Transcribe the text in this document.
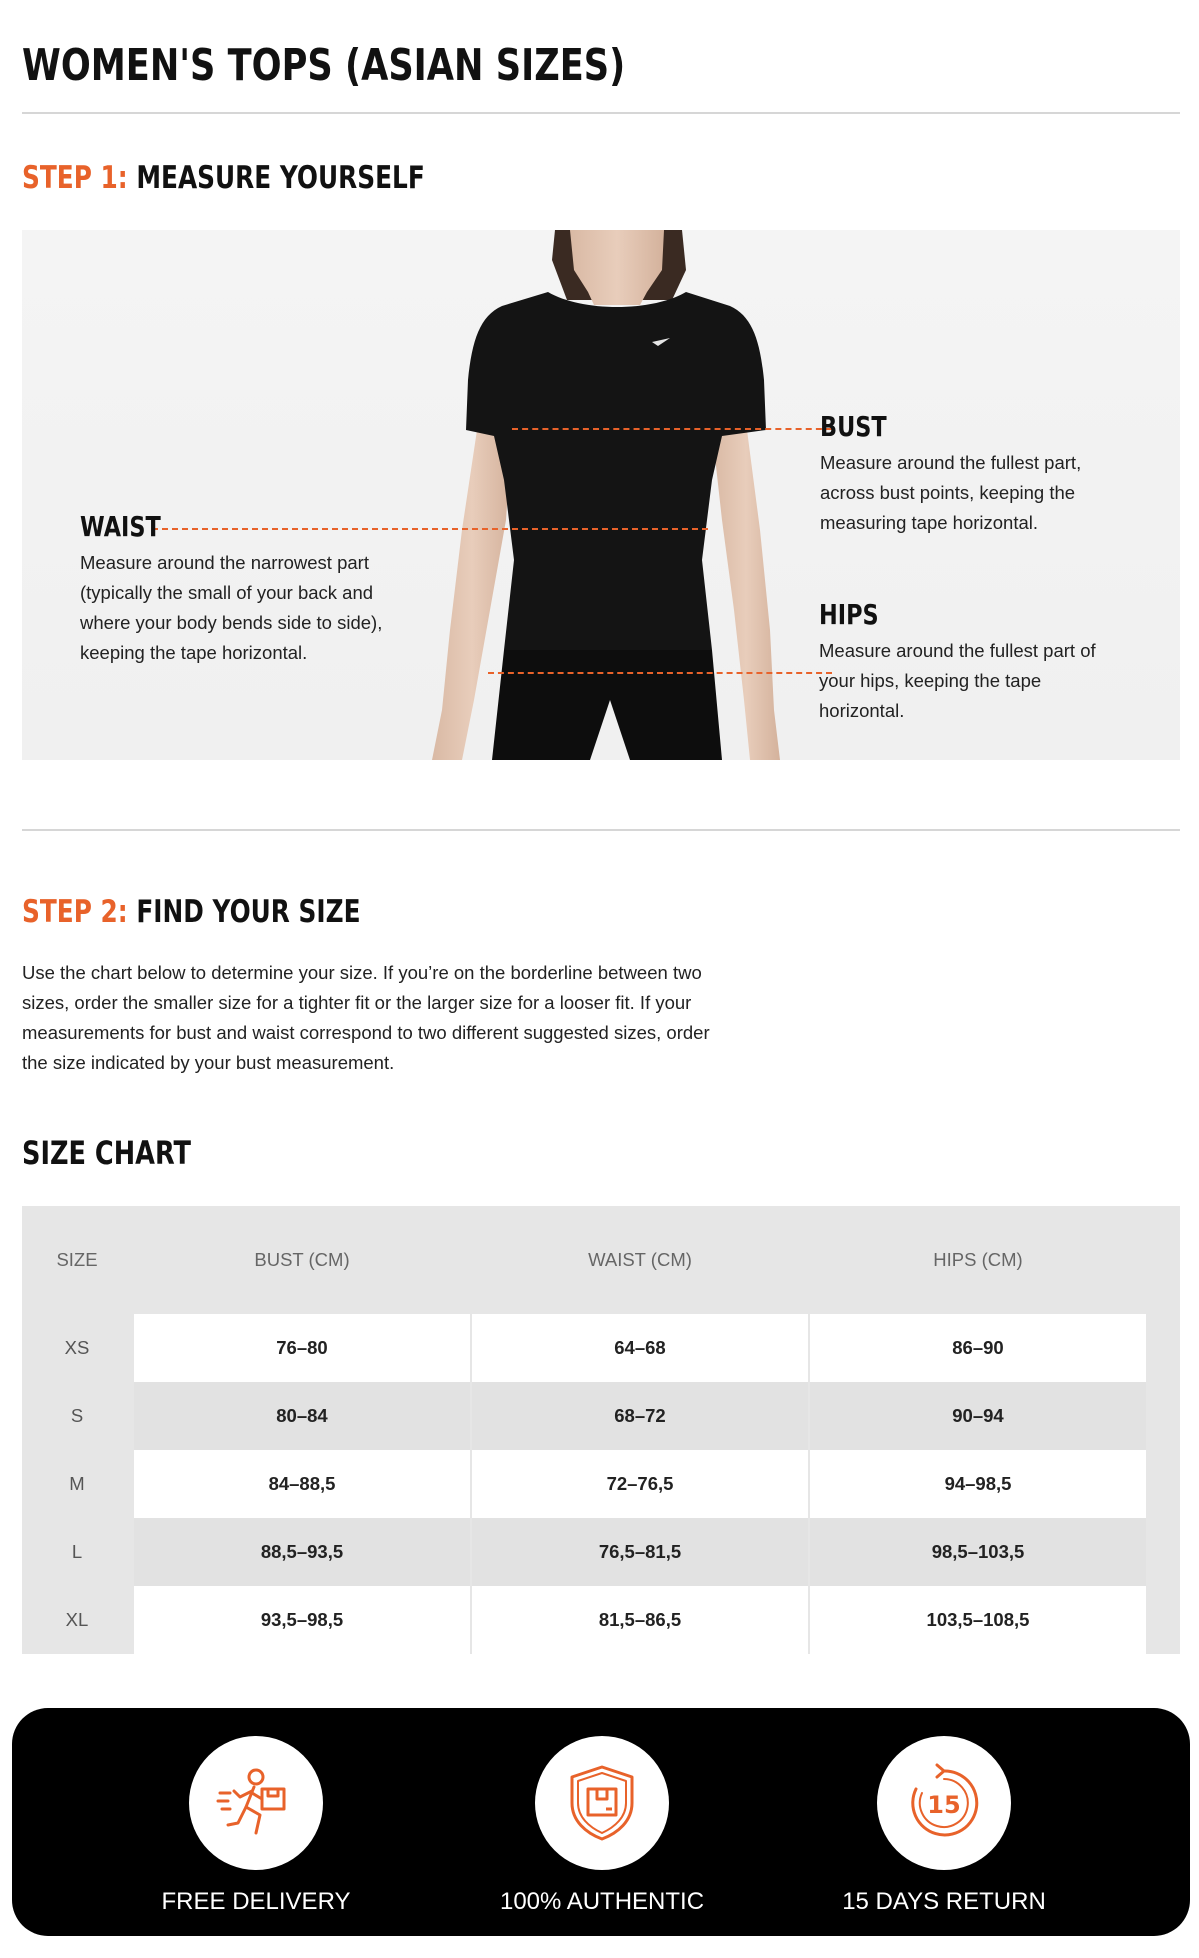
WOMEN'S TOPS (ASIAN SIZES)
STEP 1: MEASURE YOURSELF
BUST
Measure around the fullest part,
across bust points, keeping the
measuring tape horizontal.
WAIST
Measure around the narrowest part
(typically the small of your back and
where your body bends side to side),
keeping the tape horizontal.
HIPS
Measure around the fullest part of
your hips, keeping the tape
horizontal.
STEP 2: FIND YOUR SIZE
Use the chart below to determine your size. If you’re on the borderline between two
sizes, order the smaller size for a tighter fit or the larger size for a looser fit. If your
measurements for bust and waist correspond to two different suggested sizes, order
the size indicated by your bust measurement.
SIZE CHART
SIZE	BUST (CM)	WAIST (CM)	HIPS (CM)
XS	76–80	64–68	86–90
S	80–84	68–72	90–94
M	84–88,5	72–76,5	94–98,5
L	88,5–93,5	76,5–81,5	98,5–103,5
XL	93,5–98,5	81,5–86,5	103,5–108,5
FREE DELIVERY	100% AUTHENTIC
15
15 DAYS RETURN
